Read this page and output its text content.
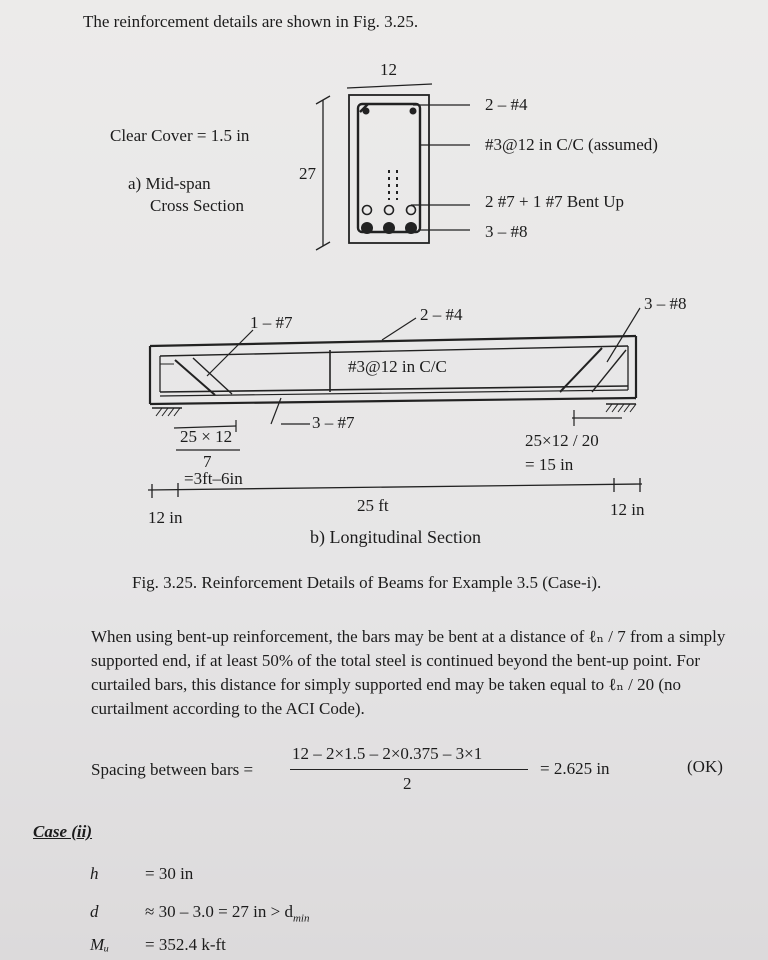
The reinforcement details are shown in Fig. 3.25.
12
27
Clear Cover = 1.5 in
a) Mid-span
Cross Section
2 – #4
#3@12 in C/C (assumed)
2 #7 + 1 #7 Bent Up
3 – #8
1 – #7	2 – #4
3 – #8
#3@12 in C/C
3 – #7
25 × 12
7
=3ft–6in
25×12 / 20
= 15 in
25 ft
12 in	12 in
b) Longitudinal Section
Fig. 3.25. Reinforcement Details of Beams for Example 3.5 (Case-i).
When using bent-up reinforcement, the bars may be bent at a distance of ℓₙ / 7 from a simply supported end, if at least 50% of the total steel is continued beyond the bent-up point. For curtailed bars, this distance for simply supported end may be taken equal to ℓₙ / 20 (no curtailment according to the ACI Code).
Spacing between bars =
12 – 2×1.5 – 2×0.375 – 3×1
2
= 2.625 in	(OK)
Case (ii)
h	= 30 in
d	≈ 30 – 3.0 = 27 in > $d_{min}$
Mᵤ = 352.4 k-ft
